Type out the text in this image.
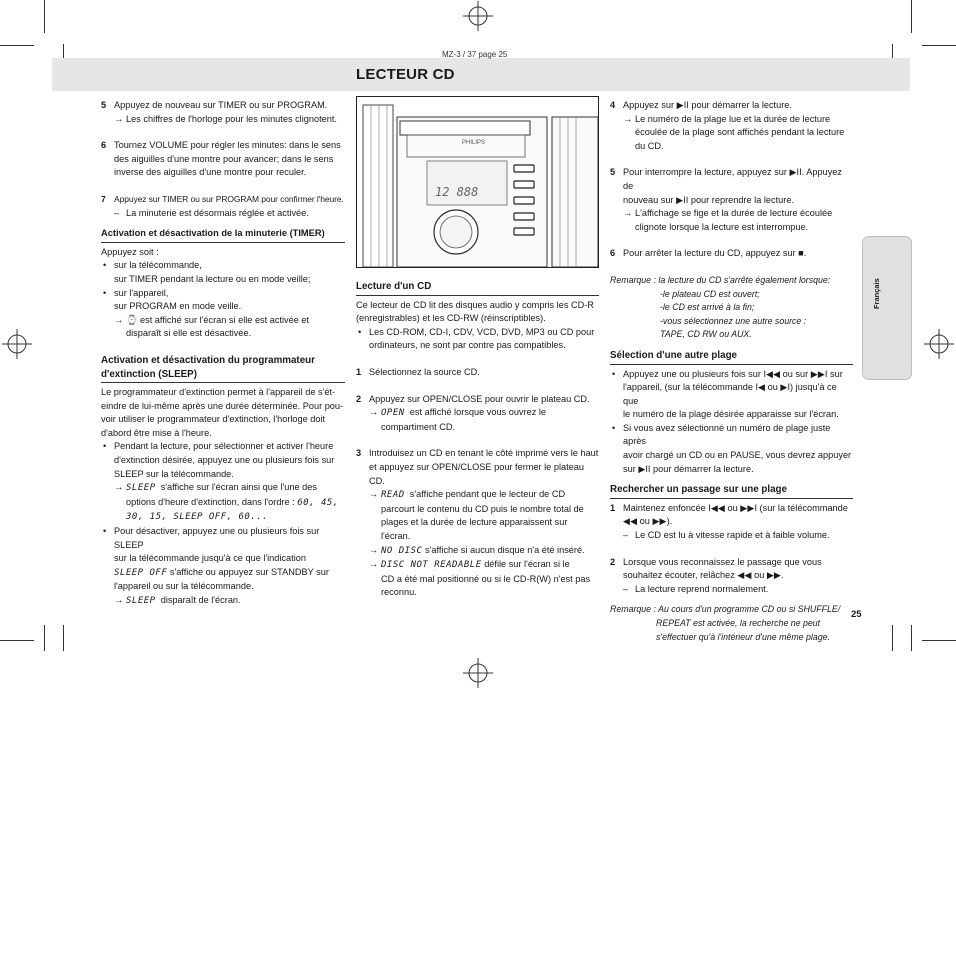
MZ-3 / 37 page 25
LECTEUR CD
5 Appuyez de nouveau sur TIMER ou sur PROGRAM.
→ Les chiffres de l'horloge pour les minutes clignotent.
6 Tournez VOLUME pour régler les minutes: dans le sens
des aiguilles d'une montre pour avancer; dans le sens
inverse des aiguilles d'une montre pour reculer.
7 Appuyez sur TIMER ou sur PROGRAM pour confirmer l'heure.
– La minuterie est désormais réglée et activée.
Activation et désactivation de la minuterie (TIMER)

Appuyez soit :

• sur la télécommande,
sur TIMER pendant la lecture ou en mode veille;
• sur l'appareil,
sur PROGRAM en mode veille.
→ ⌚ est affiché sur l'écran si elle est activée et
disparaît si elle est désactivée.
Activation et désactivation du programmateur
d'extinction (SLEEP)

Le programmateur d'extinction permet à l'appareil de s'ét-
eindre de lui-même après une durée déterminée. Pour pou-
voir utiliser le programmateur d'extinction, l'horloge doit
d'abord être mise à l'heure.

• Pendant la lecture, pour sélectionner et activer l'heure
d'extinction désirée, appuyez une ou plusieurs fois sur
SLEEP sur la télécommande.
→ SLEEP s'affiche sur l'écran ainsi que l'une des
options d'heure d'extinction, dans l'ordre : 60, 45,
30, 15, SLEEP OFF, 60...
• Pour désactiver, appuyez une ou plusieurs fois sur SLEEP
sur la télécommande jusqu'à ce que l'indication
SLEEP OFF s'affiche ou appuyez sur STANDBY sur
l'appareil ou sur la télécommande.
→ SLEEP disparaît de l'écran.
PHILIPS
12 888
Lecture d'un CD

Ce lecteur de CD lit des disques audio y compris les CD-R
(enregistrables) et les CD-RW (réinscriptibles).

• Les CD-ROM, CD-I, CDV, VCD, DVD, MP3 ou CD pour
ordinateurs, ne sont par contre pas compatibles.
1 Sélectionnez la source CD.
2 Appuyez sur OPEN/CLOSE pour ouvrir le plateau CD.
→ OPEN est affiché lorsque vous ouvrez le
compartiment CD.
3 Introduisez un CD en tenant le côté imprimé vers le haut
et appuyez sur OPEN/CLOSE pour fermer le plateau CD.
→ READ s'affiche pendant que le lecteur de CD
parcourt le contenu du CD puis le nombre total de
plages et la durée de lecture apparaissent sur l'écran.
→ NO DISC s'affiche si aucun disque n'a été inséré.
→ DISC NOT READABLE défile sur l'écran si le
CD a été mal positionné ou si le CD-R(W) n'est pas
reconnu.
4 Appuyez sur ▶II pour démarrer la lecture.
→ Le numéro de la plage lue et la durée de lecture
écoulée de la plage sont affichés pendant la lecture
du CD.
5 Pour interrompre la lecture, appuyez sur ▶II. Appuyez de
nouveau sur ▶II pour reprendre la lecture.
→ L'affichage se fige et la durée de lecture écoulée
clignote lorsque la lecture est interrompue.
6 Pour arrêter la lecture du CD, appuyez sur ■.
Remarque : la lecture du CD s'arrête également lorsque:
-le plateau CD est ouvert;
-le CD est arrivé à la fin;
-vous sélectionnez une autre source :
TAPE, CD RW ou AUX.
Sélection d'une autre plage
• Appuyez une ou plusieurs fois sur I◀◀ ou sur ▶▶I sur
l'appareil, (sur la télécommande I◀ ou ▶I) jusqu'à ce que
le numéro de la plage désirée apparaisse sur l'écran.
• Si vous avez sélectionné un numéro de plage juste après
avoir chargé un CD ou en PAUSE, vous devrez appuyer
sur ▶II pour démarrer la lecture.
Rechercher un passage sur une plage
1 Maintenez enfoncée I◀◀ ou ▶▶I (sur la télécommande
◀◀ ou ▶▶).
– Le CD est lu à vitesse rapide et à faible volume.
2 Lorsque vous reconnaissez le passage que vous
souhaitez écouter, relâchez ◀◀ ou ▶▶.
– La lecture reprend normalement.
Remarque : Au cours d'un programme CD ou si SHUFFLE/
REPEAT est activée, la recherche ne peut
s'effectuer qu'à l'intérieur d'une même plage.
Français
25
